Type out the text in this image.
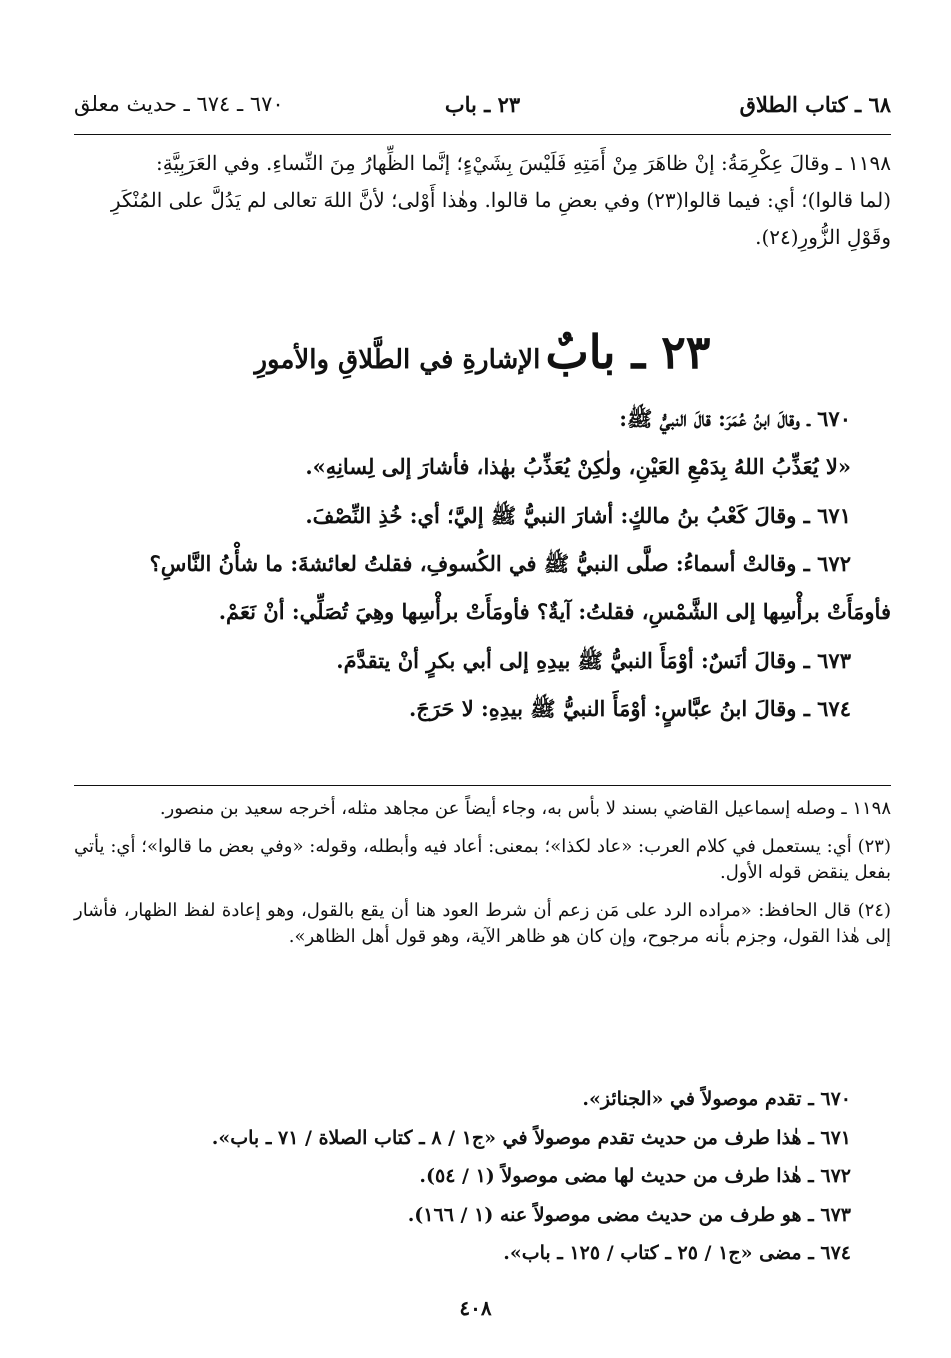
٦٨ ـ كتاب الطلاق
٢٣ ـ باب
٦٧٠ ـ ٦٧٤ ـ حديث معلق
١١٩٨ ـ وقالَ عِكْرِمَةُ: إنْ ظاهَرَ مِنْ أَمَتِهِ فَلَيْسَ بِشَيْءٍ؛ إنَّما الظِّهارُ مِنَ النِّساءِ. وفي العَرَبِيَّةِ:
(لما قالوا)؛ أي: فيما قالوا(٢٣) وفي بعضِ ما قالوا. وهٰذا أَوْلى؛ لأنَّ اللهَ تعالى لم يَدُلَّ على المُنْكَرِ
وقَوْلِ الزُّورِ(٢٤).
٢٣ ـ بابٌ الإشارةِ في الطَّلاقِ والأمورِ
٦٧٠ ـ وقالَ ابنُ عُمَرَ: قالَ النبيُّ ﷺ:
«لا يُعَذِّبُ اللهُ بِدَمْعِ العَيْنِ، ولٰكِنْ يُعَذِّبُ بهٰذا، فأشارَ إلى لِسانِهِ».
٦٧١ ـ وقالَ كَعْبُ بنُ مالكٍ: أشارَ النبيُّ ﷺ إليَّ؛ أي: خُذِ النِّصْفَ.
٦٧٢ ـ وقالتْ أسماءُ: صلَّى النبيُّ ﷺ في الكُسوفِ، فقلتُ لعائشةَ: ما شأْنُ النَّاسِ؟
فأومَأَتْ برأْسِها إلى الشَّمْسِ، فقلتُ: آيةٌ؟ فأومَأَتْ برأْسِها وهِيَ تُصَلِّي: أنْ نَعَمْ.
٦٧٣ ـ وقالَ أنَسٌ: أوْمَأَ النبيُّ ﷺ بيدِهِ إلى أبي بكرٍ أنْ يتقدَّمَ.
٦٧٤ ـ وقالَ ابنُ عبَّاسٍ: أوْمَأَ النبيُّ ﷺ بيدِهِ: لا حَرَجَ.
١١٩٨ ـ وصله إسماعيل القاضي بسند لا بأس به، وجاء أيضاً عن مجاهد مثله، أخرجه سعيد بن منصور.
(٢٣) أي: يستعمل في كلام العرب: «عاد لكذا»؛ بمعنى: أعاد فيه وأبطله، وقوله: «وفي بعض ما قالوا»؛ أي: يأتي بفعل ينقض قوله الأول.
(٢٤) قال الحافظ: «مراده الرد على مَن زعم أن شرط العود هنا أن يقع بالقول، وهو إعادة لفظ الظهار، فأشار إلى هٰذا القول، وجزم بأنه مرجوح، وإن كان هو ظاهر الآية، وهو قول أهل الظاهر».
٦٧٠ ـ تقدم موصولاً في «الجنائز».
٦٧١ ـ هٰذا طرف من حديث تقدم موصولاً في «ج١ / ٨ ـ كتاب الصلاة / ٧١ ـ باب».
٦٧٢ ـ هٰذا طرف من حديث لها مضى موصولاً (١ / ٥٤).
٦٧٣ ـ هو طرف من حديث مضى موصولاً عنه (١ / ١٦٦).
٦٧٤ ـ مضى «ج١ / ٢٥ ـ كتاب / ١٢٥ ـ باب».
٤٠٨
